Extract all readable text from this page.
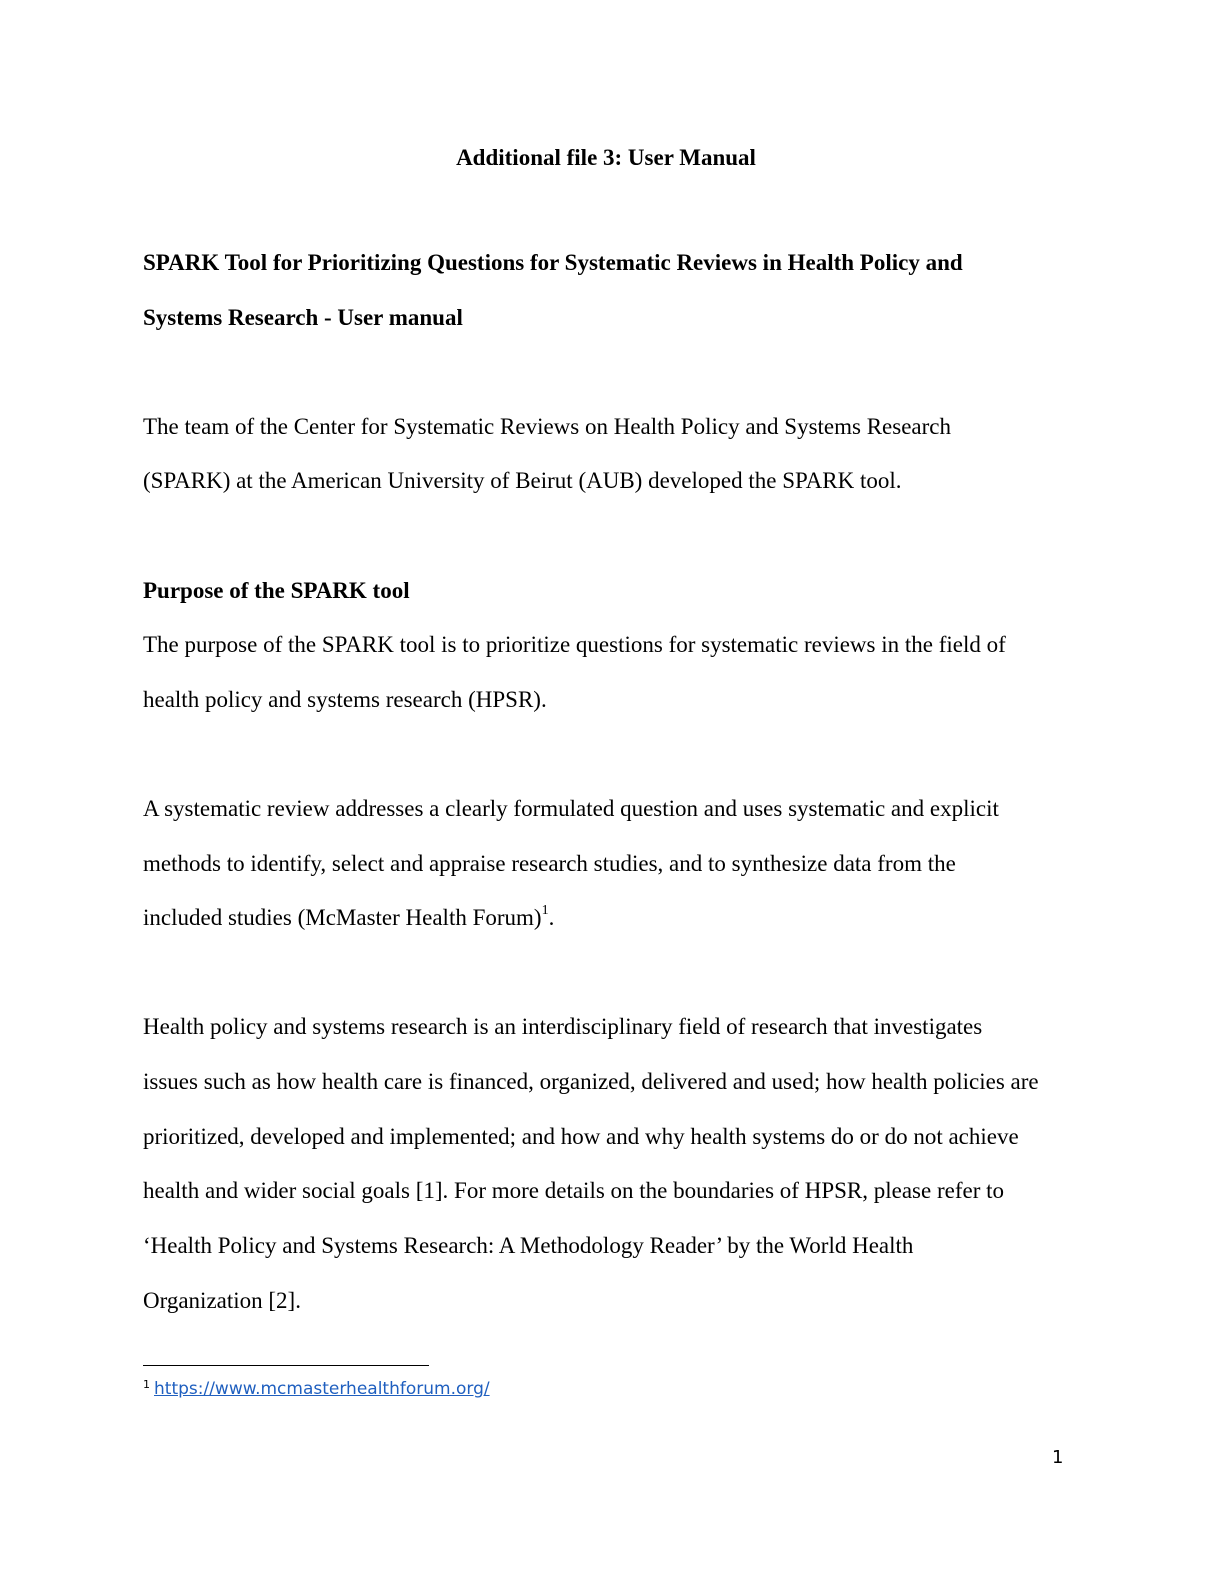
Additional file 3: User Manual
SPARK Tool for Prioritizing Questions for Systematic Reviews in Health Policy and
Systems Research - User manual
The team of the Center for Systematic Reviews on Health Policy and Systems Research
(SPARK) at the American University of Beirut (AUB) developed the SPARK tool.
Purpose of the SPARK tool
The purpose of the SPARK tool is to prioritize questions for systematic reviews in the field of
health policy and systems research (HPSR).
A systematic review addresses a clearly formulated question and uses systematic and explicit
methods to identify, select and appraise research studies, and to synthesize data from the
included studies (McMaster Health Forum)$^1$.
Health policy and systems research is an interdisciplinary field of research that investigates
issues such as how health care is financed, organized, delivered and used; how health policies are
prioritized, developed and implemented; and how and why health systems do or do not achieve
health and wider social goals [1]. For more details on the boundaries of HPSR, please refer to
‘Health Policy and Systems Research: A Methodology Reader’ by the World Health
Organization [2].
$^1$ https://www.mcmasterhealthforum.org/
1
